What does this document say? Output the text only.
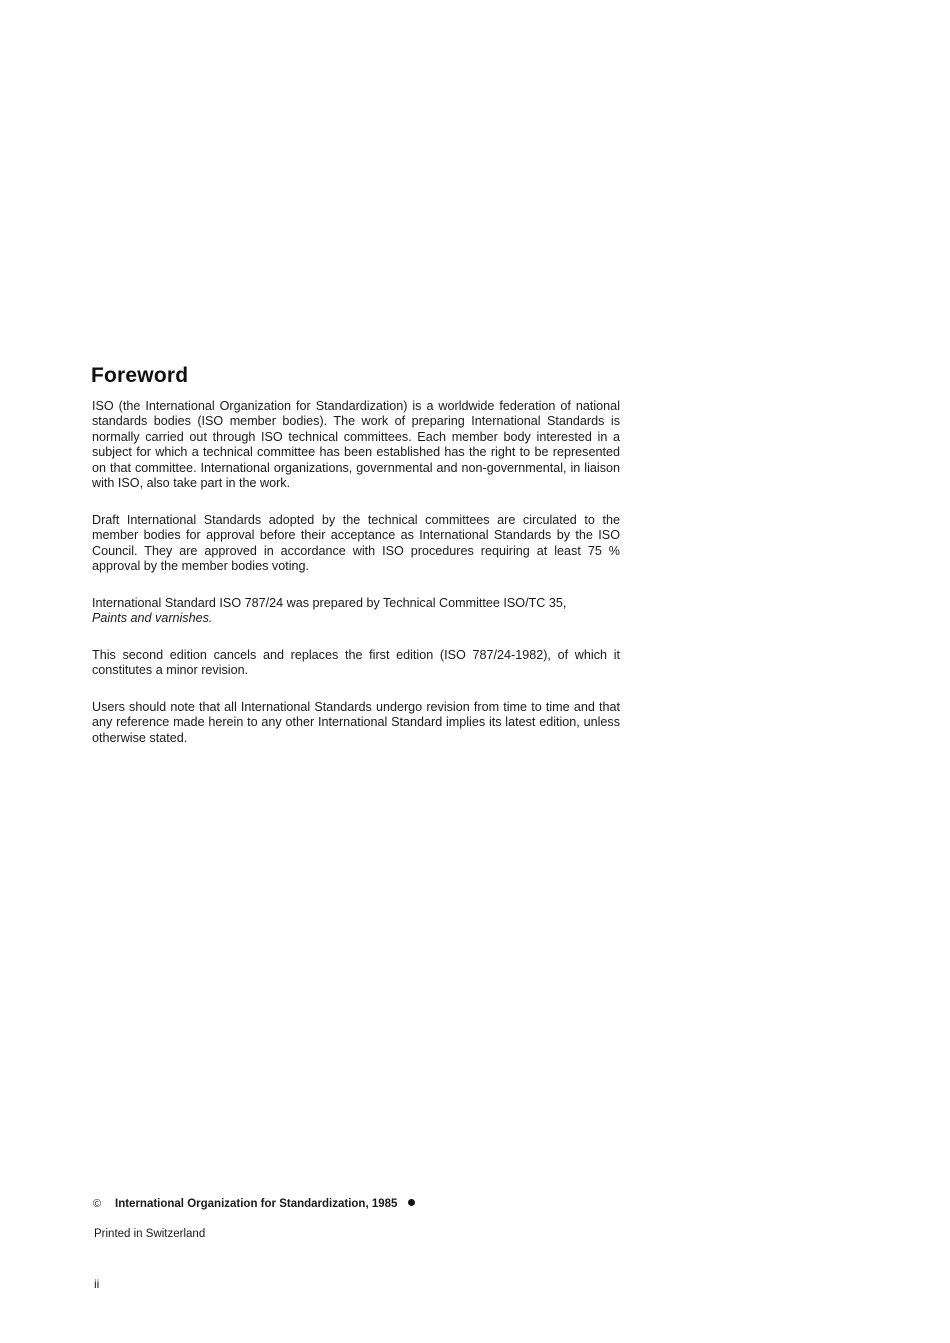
Foreword

ISO (the International Organization for Standardization) is a worldwide federation of national standards bodies (ISO member bodies). The work of preparing International Standards is normally carried out through ISO technical committees. Each member body interested in a subject for which a technical committee has been established has the right to be represented on that committee. International organizations, governmental and non-governmental, in liaison with ISO, also take part in the work.

Draft International Standards adopted by the technical committees are circulated to the member bodies for approval before their acceptance as International Standards by the ISO Council. They are approved in accordance with ISO procedures requiring at least 75 % approval by the member bodies voting.

International Standard ISO 787/24 was prepared by Technical Committee ISO/TC 35,
Paints and varnishes.

This second edition cancels and replaces the first edition (ISO 787/24-1982), of which it constitutes a minor revision.

Users should note that all International Standards undergo revision from time to time and that any reference made herein to any other International Standard implies its latest edition, unless otherwise stated.

© International Organization for Standardization, 1985
Printed in Switzerland
ii
